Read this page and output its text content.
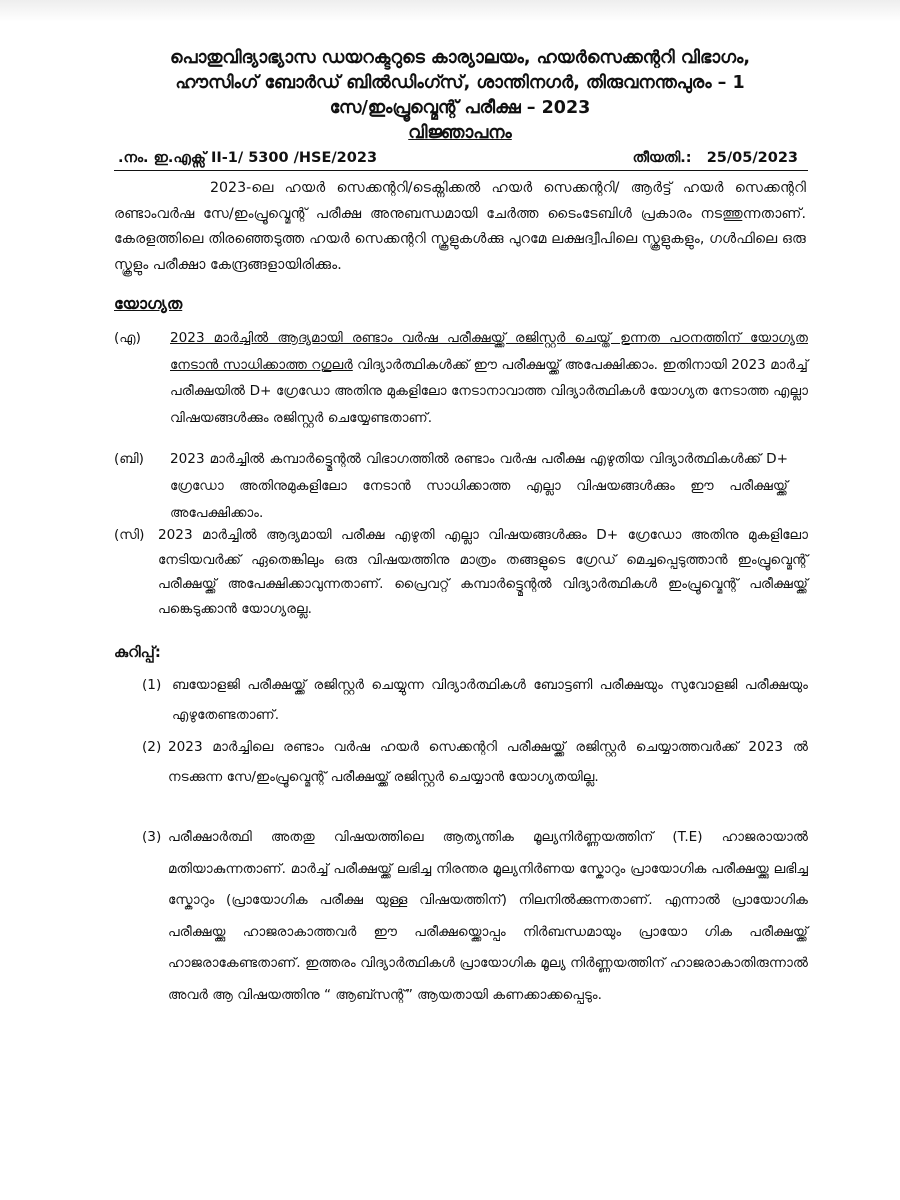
പൊതുവിദ്യാഭ്യാസ ഡയറക്ടറുടെ കാര്യാലയം, ഹയർസെക്കന്ററി വിഭാഗം,
ഹൗസിംഗ് ബോർഡ് ബിൽഡിംഗ്സ്, ശാന്തിനഗർ, തിരുവനന്തപുരം – 1
സേ/ഇംപ്രൂവ്മെന്റ് പരീക്ഷ – 2023
വിജ്ഞാപനം
.നം. ഇ.എക്സ് II-1/ 5300 /HSE/2023	തീയതി.: 25/05/2023
2023-ലെ ഹയർ സെക്കന്ററി/ടെക്നിക്കൽ ഹയർ സെക്കന്ററി/ ആർട്ട് ഹയർ സെക്കന്ററി രണ്ടാംവർഷ സേ/ഇംപ്രൂവ്മെന്റ് പരീക്ഷ അനുബന്ധമായി ചേർത്ത ടൈംടേബിൾ പ്രകാരം നടത്തുന്നതാണ്. കേരളത്തിലെ തിരഞ്ഞെടുത്ത ഹയർ സെക്കന്ററി സ്കൂളുകൾക്കു പുറമേ ലക്ഷദ്വീപിലെ സ്കൂളുകളും, ഗൾഫിലെ ഒരു സ്കൂളും പരീക്ഷാ കേന്ദ്രങ്ങളായിരിക്കും.
യോഗ്യത
(എ)	2023 മാർച്ചിൽ ആദ്യമായി രണ്ടാം വർഷ പരീക്ഷയ്ക്ക് രജിസ്റ്റർ ചെയ്ത് ഉന്നത പഠനത്തിന് യോഗ്യത നേടാൻ സാധിക്കാത്ത റഗുലർ വിദ്യാർത്ഥികൾക്ക് ഈ പരീക്ഷയ്ക്ക് അപേക്ഷിക്കാം. ഇതിനായി 2023 മാർച്ച് പരീക്ഷയിൽ D+ ഗ്രേഡോ അതിനു മുകളിലോ നേടാനാവാത്ത വിദ്യാർത്ഥികൾ യോഗ്യത നേടാത്ത എല്ലാ വിഷയങ്ങൾക്കും രജിസ്റ്റർ ചെയ്യേണ്ടതാണ്.
(ബി)	2023 മാർച്ചിൽ കമ്പാർട്ട്മെന്റൽ വിഭാഗത്തിൽ രണ്ടാം വർഷ പരീക്ഷ എഴുതിയ വിദ്യാർത്ഥികൾക്ക് D+ ഗ്രേഡോ അതിനുമുകളിലോ നേടാൻ സാധിക്കാത്ത എല്ലാ വിഷയങ്ങൾക്കും ഈ പരീക്ഷയ്ക്ക് അപേക്ഷിക്കാം.
(സി) 2023 മാർച്ചിൽ ആദ്യമായി പരീക്ഷ എഴുതി എല്ലാ വിഷയങ്ങൾക്കും D+ ഗ്രേഡോ അതിനു മുകളിലോ നേടിയവർക്ക് ഏതെങ്കിലും ഒരു വിഷയത്തിനു മാത്രം തങ്ങളുടെ ഗ്രേഡ് മെച്ചപ്പെടുത്താൻ ഇംപ്രൂവ്മെന്റ് പരീക്ഷയ്ക്ക് അപേക്ഷിക്കാവുന്നതാണ്. പ്രൈവറ്റ് കമ്പാർട്ട്മെന്റൽ വിദ്യാർത്ഥികൾ ഇംപ്രൂവ്മെന്റ് പരീക്ഷയ്ക്ക് പങ്കെടുക്കാൻ യോഗ്യരല്ല.
കുറിപ്പ്:
(1) ബയോളജി പരീക്ഷയ്ക്ക് രജിസ്റ്റർ ചെയ്യുന്ന വിദ്യാർത്ഥികൾ ബോട്ടണി പരീക്ഷയും സുവോളജി പരീക്ഷയും എഴുതേണ്ടതാണ്.
(2) 2023 മാർച്ചിലെ രണ്ടാം വർഷ ഹയർ സെക്കന്ററി പരീക്ഷയ്ക്ക് രജിസ്റ്റർ ചെയ്യാത്തവർക്ക് 2023 ൽ നടക്കുന്ന സേ/ഇംപ്രൂവ്മെന്റ് പരീക്ഷയ്ക്ക് രജിസ്റ്റർ ചെയ്യാൻ യോഗ്യതയില്ല.
(3) പരീക്ഷാർത്ഥി അതതു വിഷയത്തിലെ ആത്യന്തിക മൂല്യനിർണ്ണയത്തിന് (T.E) ഹാജരായാൽ മതിയാകുന്നതാണ്. മാർച്ച് പരീക്ഷയ്ക്ക് ലഭിച്ച നിരന്തര മൂല്യനിർണയ സ്കോറും പ്രായോഗിക പരീക്ഷയ്ക്കു ലഭിച്ച സ്കോറും (പ്രായോഗിക പരീക്ഷ യുള്ള വിഷയത്തിന്) നിലനിൽക്കുന്നതാണ്. എന്നാൽ പ്രായോഗിക പരീക്ഷയ്ക്കു ഹാജരാകാത്തവർ ഈ പരീക്ഷയ്ക്കൊപ്പം നിർബന്ധമായും പ്രായോ ഗിക പരീക്ഷയ്ക്ക് ഹാജരാകേണ്ടതാണ്. ഇത്തരം വിദ്യാർത്ഥികൾ പ്രായോഗിക മൂല്യ നിർണ്ണയത്തിന് ഹാജരാകാതിരുന്നാൽ അവർ ആ വിഷയത്തിനു “ ആബ്സന്റ്” ആയതായി കണക്കാക്കപ്പെടും.
